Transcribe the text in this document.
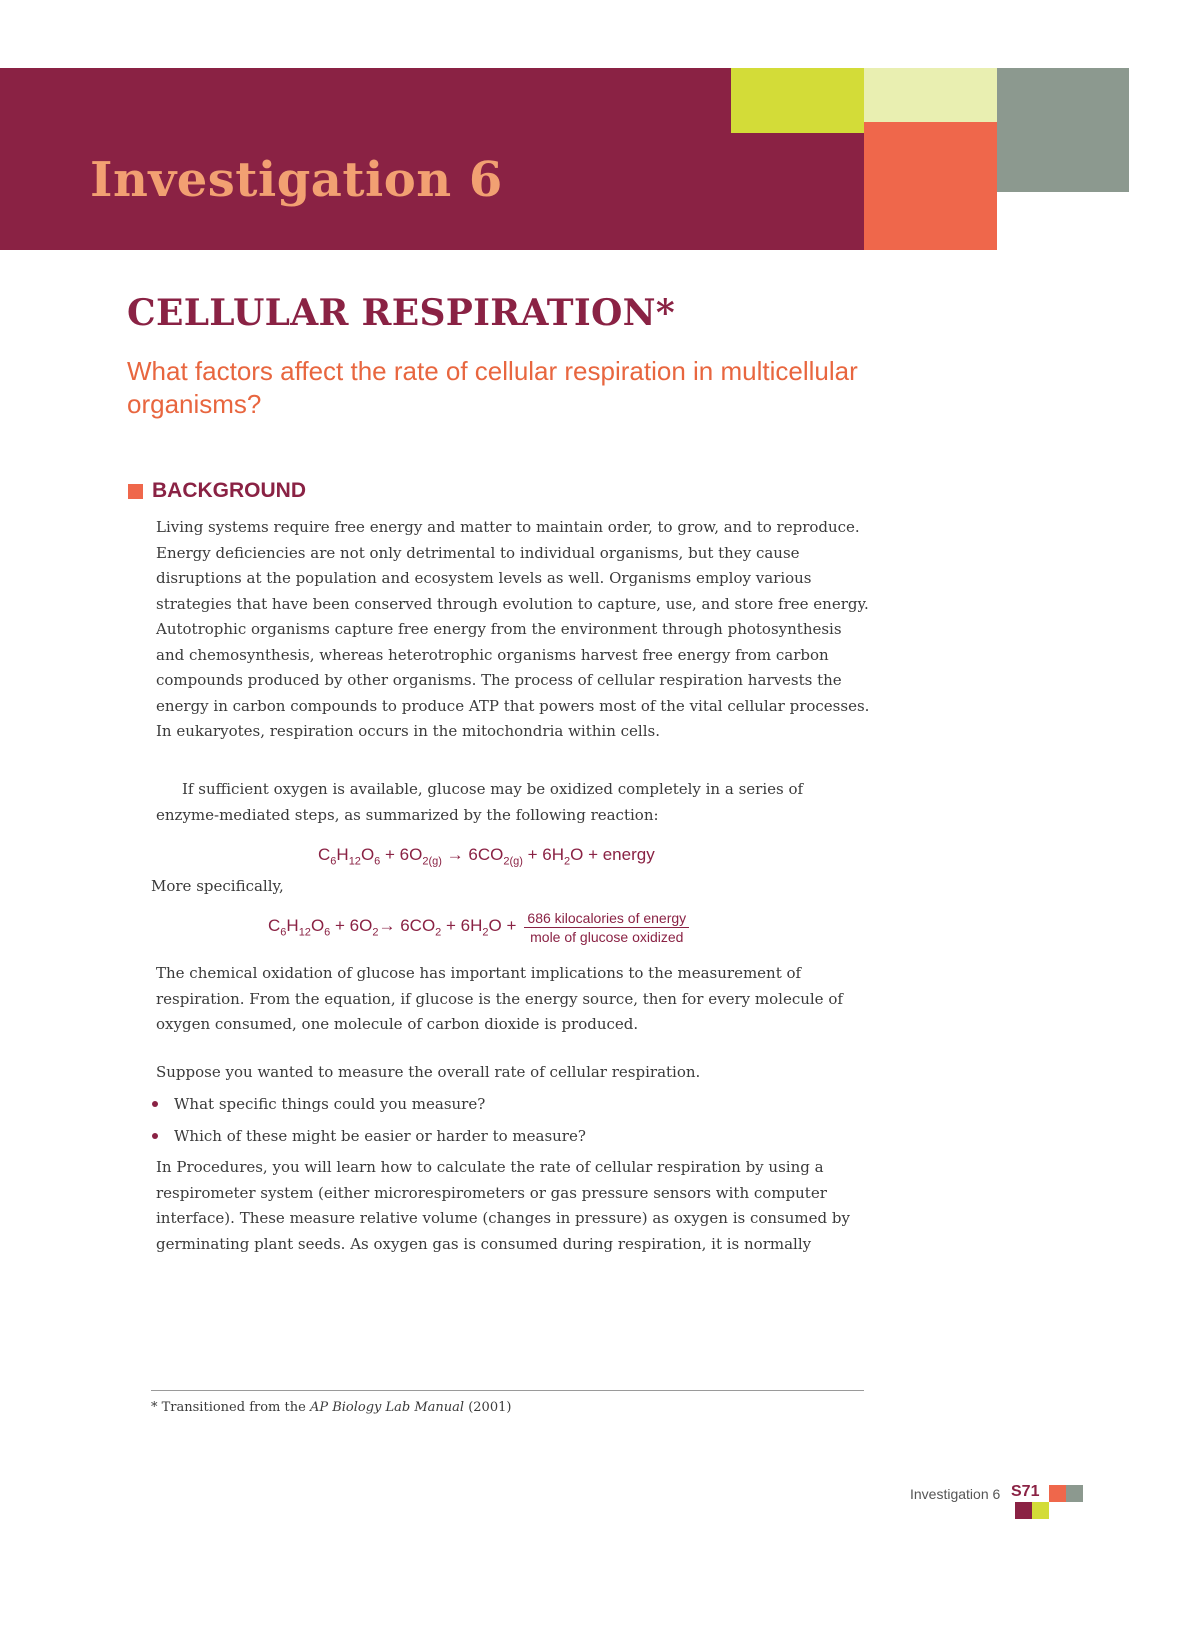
Investigation 6
CELLULAR RESPIRATION*
What factors affect the rate of cellular respiration in multicellular organisms?
BACKGROUND
Living systems require free energy and matter to maintain order, to grow, and to reproduce. Energy deficiencies are not only detrimental to individual organisms, but they cause disruptions at the population and ecosystem levels as well. Organisms employ various strategies that have been conserved through evolution to capture, use, and store free energy. Autotrophic organisms capture free energy from the environment through photosynthesis and chemosynthesis, whereas heterotrophic organisms harvest free energy from carbon compounds produced by other organisms. The process of cellular respiration harvests the energy in carbon compounds to produce ATP that powers most of the vital cellular processes. In eukaryotes, respiration occurs in the mitochondria within cells.
If sufficient oxygen is available, glucose may be oxidized completely in a series of enzyme-mediated steps, as summarized by the following reaction:
$C_6H_{12}O_6 + 6O_{2(g)} \to 6CO_{2(g)} + 6H_2O$ + energy
More specifically,
$C_6H_{12}O_6 + 6O_2\to 6CO_2 + 6H_2O + \frac{\text{686 kilocalories of energy}}{\text{mole of glucose oxidized}}$
The chemical oxidation of glucose has important implications to the measurement of respiration. From the equation, if glucose is the energy source, then for every molecule of oxygen consumed, one molecule of carbon dioxide is produced.
Suppose you wanted to measure the overall rate of cellular respiration.
What specific things could you measure?
Which of these might be easier or harder to measure?
In Procedures, you will learn how to calculate the rate of cellular respiration by using a respirometer system (either microrespirometers or gas pressure sensors with computer interface). These measure relative volume (changes in pressure) as oxygen is consumed by germinating plant seeds. As oxygen gas is consumed during respiration, it is normally
* Transitioned from the AP Biology Lab Manual (2001)
Investigation 6 S71
